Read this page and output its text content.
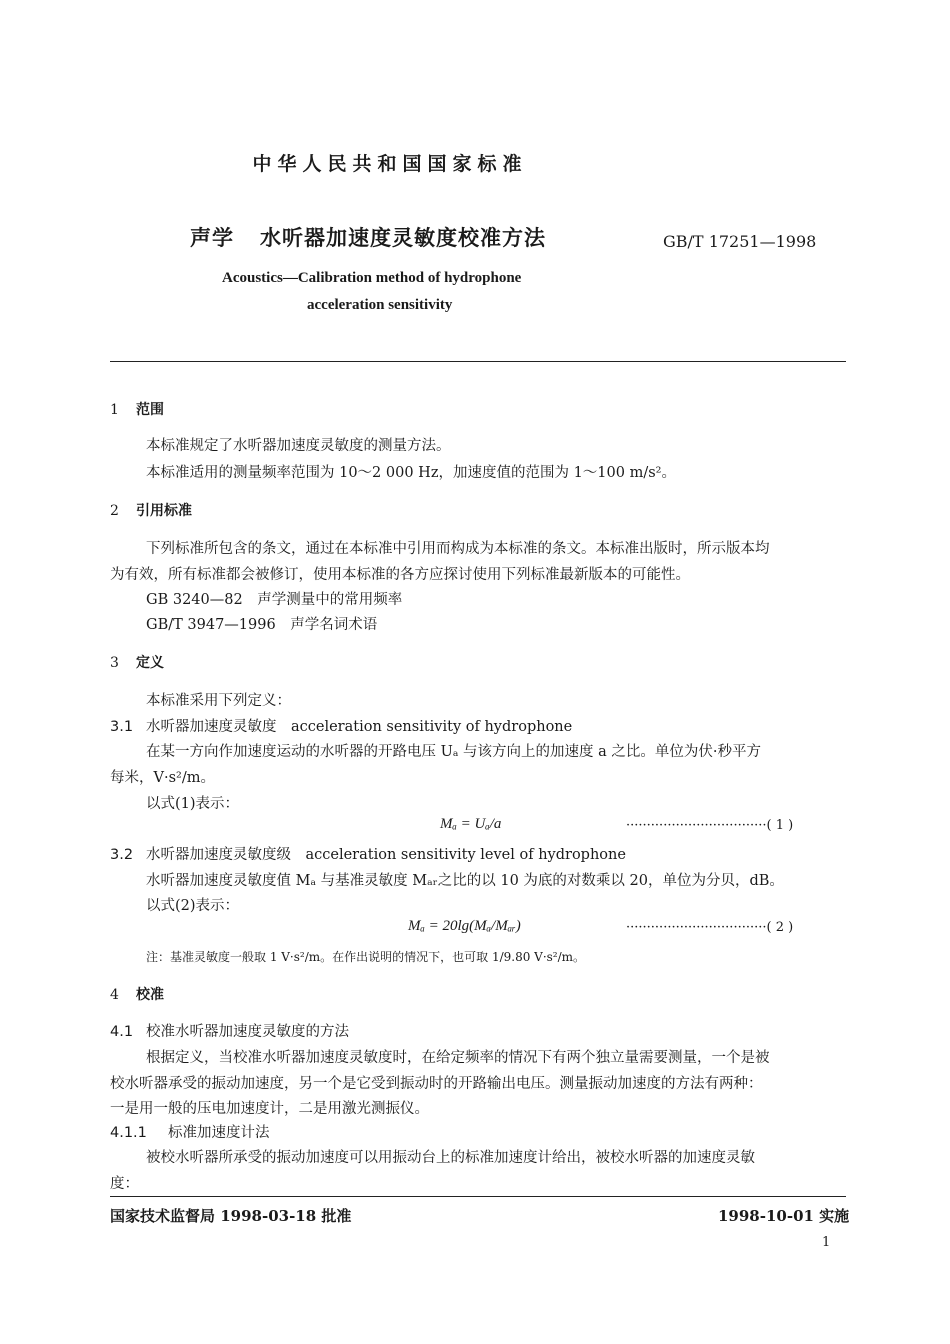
中华人民共和国国家标准
声学 水听器加速度灵敏度校准方法	GB/T 17251—1998
Acoustics—Calibration method of hydrophone
acceleration sensitivity
1 范围
本标准规定了水听器加速度灵敏度的测量方法。
本标准适用的测量频率范围为 10～2 000 Hz，加速度值的范围为 1～100 m/s²。
2 引用标准
下列标准所包含的条文，通过在本标准中引用而构成为本标准的条文。本标准出版时，所示版本均
为有效，所有标准都会被修订，使用本标准的各方应探讨使用下列标准最新版本的可能性。
GB 3240—82　声学测量中的常用频率
GB/T 3947—1996　声学名词术语
3 定义
本标准采用下列定义：
3.1 水听器加速度灵敏度　acceleration sensitivity of hydrophone
在某一方向作加速度运动的水听器的开路电压 Uₐ 与该方向上的加速度 a 之比。单位为伏·秒平方
每米，V·s²/m。
以式(1)表示：
Mₐ = Uₐ/a	··································( 1 )
3.2 水听器加速度灵敏度级　acceleration sensitivity level of hydrophone
水听器加速度灵敏度值 Mₐ 与基准灵敏度 Mₐᵣ之比的以 10 为底的对数乘以 20，单位为分贝，dB。
以式(2)表示：
Mₐ = 20lg(Mₐ/Mₐᵣ)	··································( 2 )
注：基准灵敏度一般取 1 V·s²/m。在作出说明的情况下，也可取 1/9.80 V·s²/m。
4 校准
4.1 校准水听器加速度灵敏度的方法
根据定义，当校准水听器加速度灵敏度时，在给定频率的情况下有两个独立量需要测量，一个是被
校水听器承受的振动加速度，另一个是它受到振动时的开路输出电压。测量振动加速度的方法有两种：
一是用一般的压电加速度计，二是用激光测振仪。
4.1.1 标准加速度计法
被校水听器所承受的振动加速度可以用振动台上的标准加速度计给出，被校水听器的加速度灵敏
度：
国家技术监督局 1998-03-18 批准	1998-10-01 实施
1
